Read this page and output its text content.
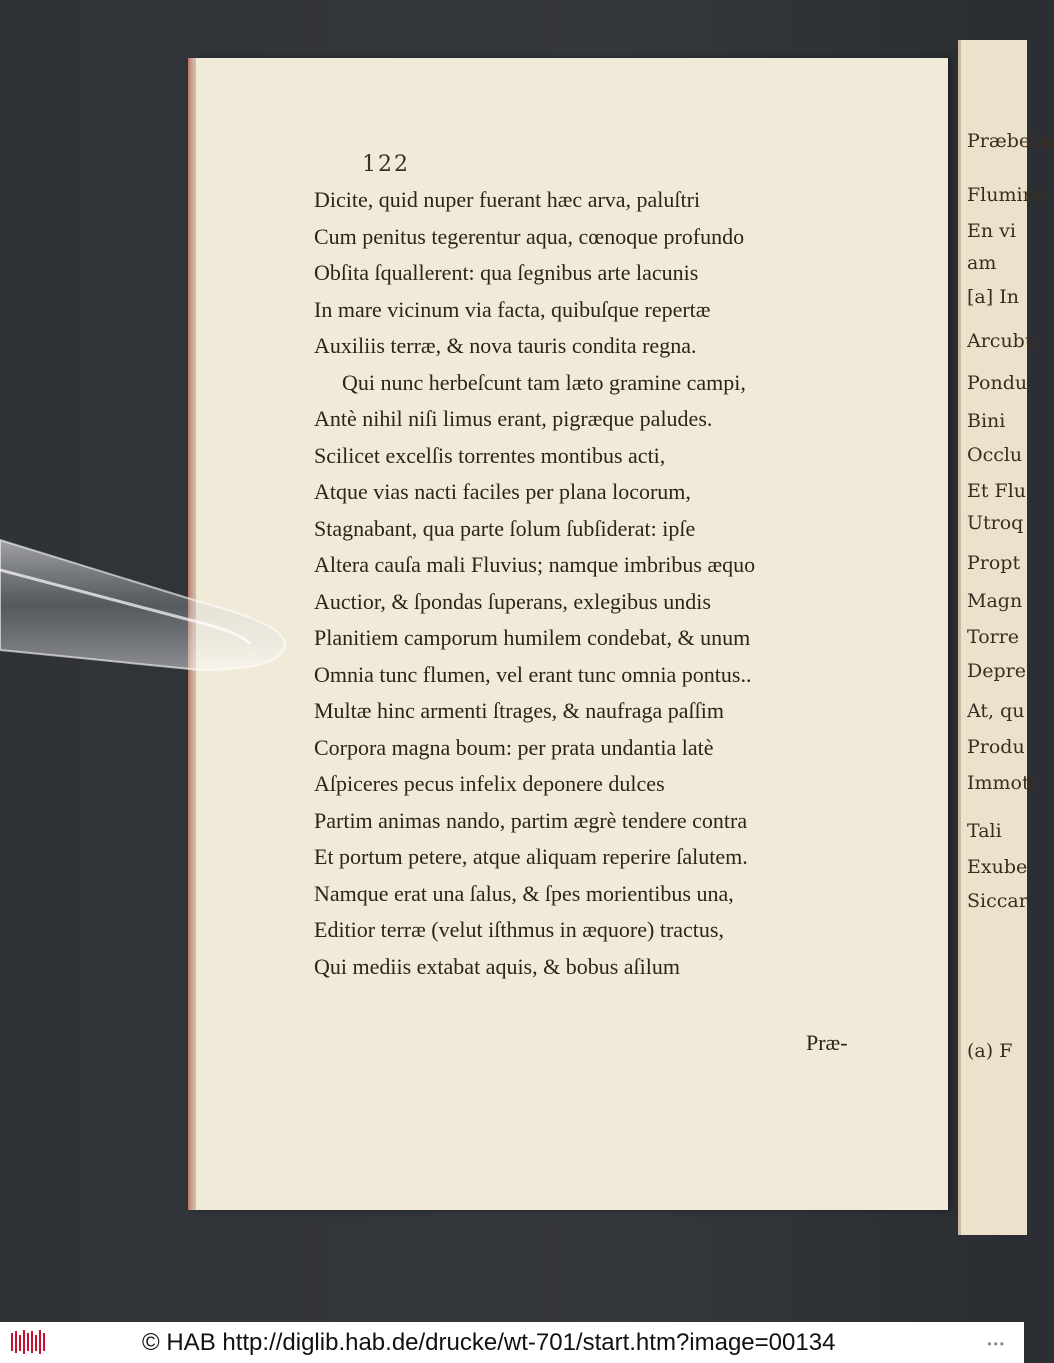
Præbeba
Flumine
En vi
am
[a] In
Arcubu
Pondu
Bini
Occlu
Et Flu
Utroq
Propt
Magn
Torre
Depre
At, qu
Produ
Immoti
Tali
Exube
Siccar
(a) F
122
Dicite, quid nuper fuerant hæc arva, paluſtri
Cum penitus tegerentur aqua, cœnoque profundo
Obſita ſquallerent: qua ſegnibus arte lacunis
In mare vicinum via facta, quibuſque repertæ
Auxiliis terræ, & nova tauris condita regna.
Qui nunc herbeſcunt tam læto gramine campi,
Antè nihil niſi limus erant, pigræque paludes.
Scilicet excelſis torrentes montibus acti,
Atque vias nacti faciles per plana locorum,
Stagnabant, qua parte ſolum ſubſiderat: ipſe
Altera cauſa mali Fluvius; namque imbribus æquo
Auctior, & ſpondas ſuperans, exlegibus undis
Planitiem camporum humilem condebat, & unum
Omnia tunc flumen, vel erant tunc omnia pontus..
Multæ hinc armenti ſtrages, & naufraga paſſim
Corpora magna boum: per prata undantia latè
Aſpiceres pecus infelix deponere dulces
Partim animas nando, partim ægrè tendere contra
Et portum petere, atque aliquam reperire ſalutem.
Namque erat una ſalus, & ſpes morientibus una,
Editior terræ (velut iſthmus in æquore) tractus,
Qui mediis extabat aquis, & bobus aſilum
Præ-
© HAB http://diglib.hab.de/drucke/wt-701/start.htm?image=00134	•••
